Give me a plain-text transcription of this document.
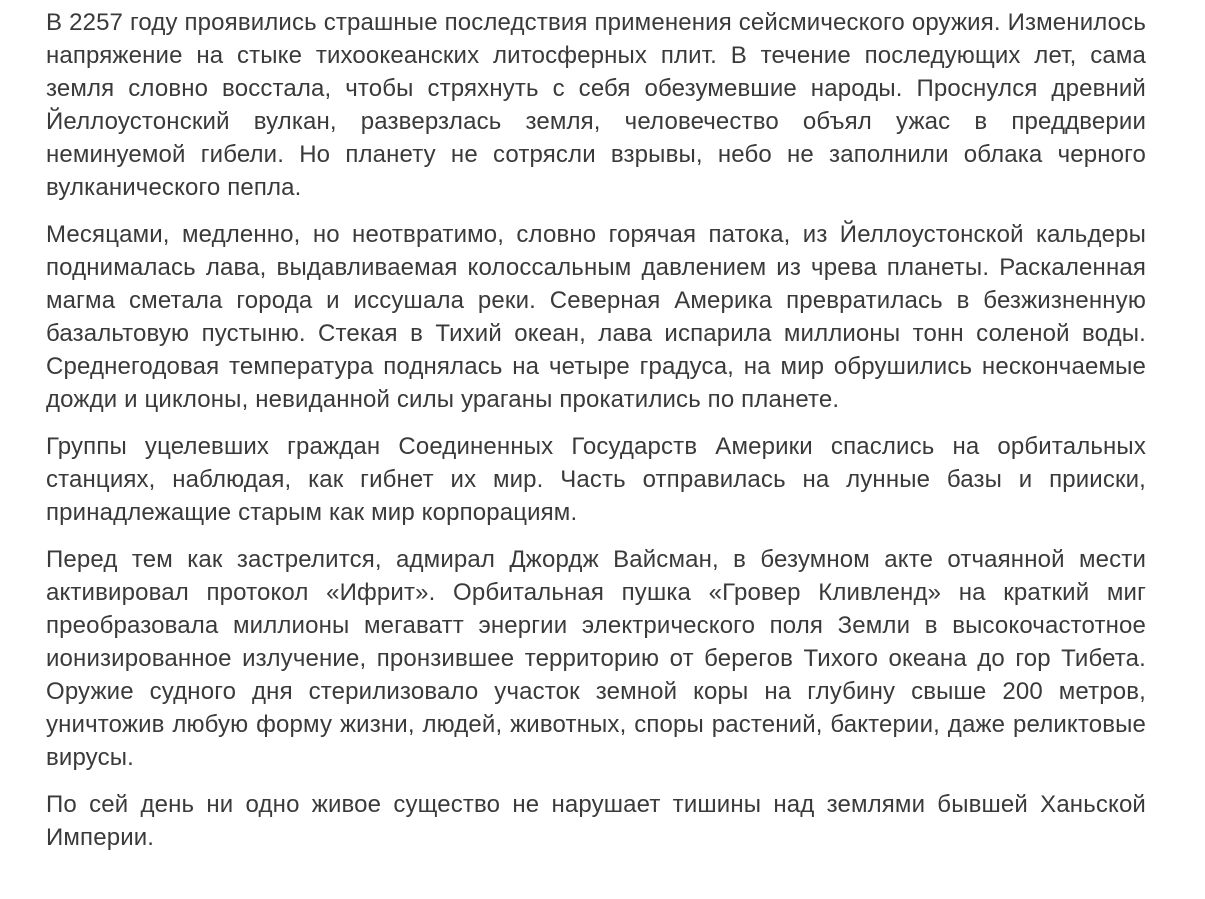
В 2257 году проявились страшные последствия применения сейсмического оружия. Изменилось напряжение на стыке тихоокеанских литосферных плит. В течение последующих лет, сама земля словно восстала, чтобы стряхнуть с себя обезумевшие народы. Проснулся древний Йеллоустонский вулкан, разверзлась земля, человечество объял ужас в преддверии неминуемой гибели. Но планету не сотрясли взрывы, небо не заполнили облака черного вулканического пепла.

Месяцами, медленно, но неотвратимо, словно горячая патока, из Йеллоустонской кальдеры поднималась лава, выдавливаемая колоссальным давлением из чрева планеты. Раскаленная магма сметала города и иссушала реки. Северная Америка превратилась в безжизненную базальтовую пустыню. Стекая в Тихий океан, лава испарила миллионы тонн соленой воды. Среднегодовая температура поднялась на четыре градуса, на мир обрушились нескончаемые дожди и циклоны, невиданной силы ураганы прокатились по планете.

Группы уцелевших граждан Соединенных Государств Америки спаслись на орбитальных станциях, наблюдая, как гибнет их мир. Часть отправилась на лунные базы и прииски, принадлежащие старым как мир корпорациям.

Перед тем как застрелится, адмирал Джордж Вайсман, в безумном акте отчаянной мести активировал протокол «Ифрит». Орбитальная пушка «Гровер Кливленд» на краткий миг преобразовала миллионы мегаватт энергии электрического поля Земли в высокочастотное ионизированное излучение, пронзившее территорию от берегов Тихого океана до гор Тибета. Оружие судного дня стерилизовало участок земной коры на глубину свыше 200 метров, уничтожив любую форму жизни, людей, животных, споры растений, бактерии, даже реликтовые вирусы.

По сей день ни одно живое существо не нарушает тишины над землями бывшей Ханьской Империи.
